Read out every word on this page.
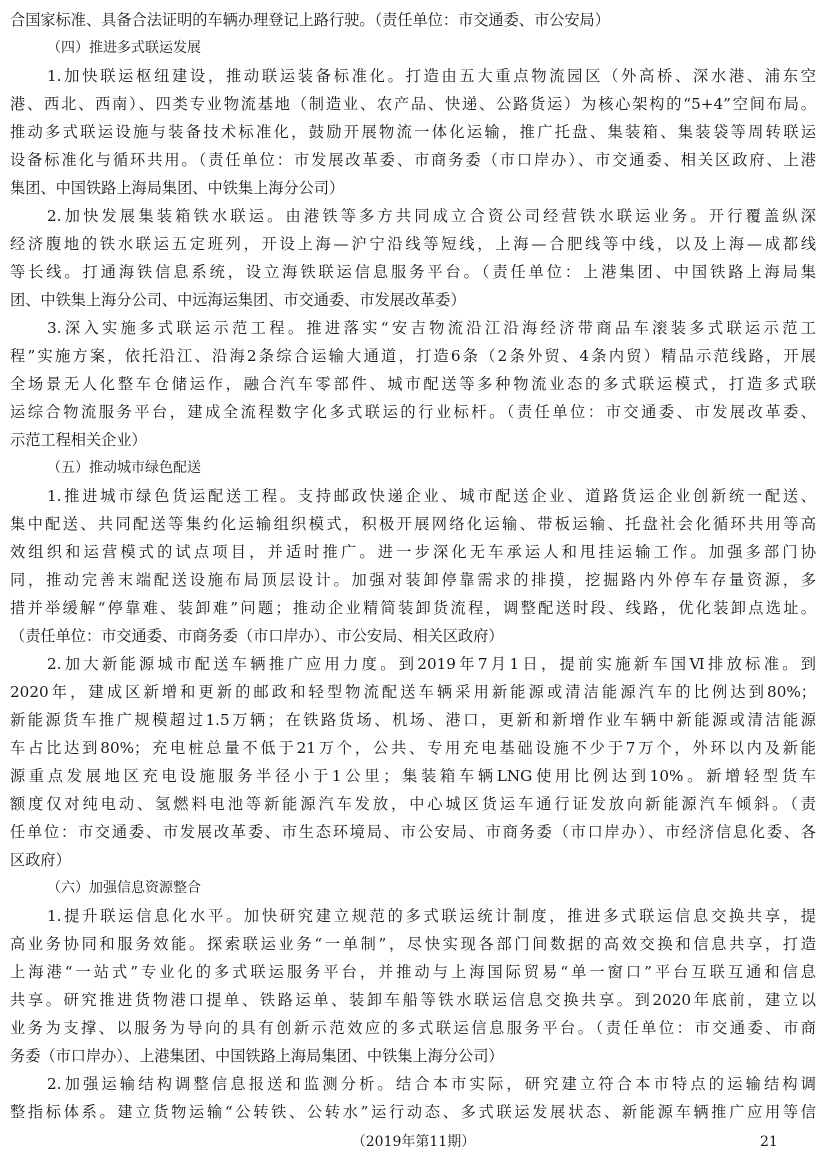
合国家标准、具备合法证明的车辆办理登记上路行驶。（责任单位：市交通委、市公安局）
（四）推进多式联运发展
1.加快联运枢纽建设，推动联运装备标准化。打造由五大重点物流园区（外高桥、深水港、浦东空
港、西北、西南）、四类专业物流基地（制造业、农产品、快递、公路货运）为核心架构的“5+4”空间布局。
推动多式联运设施与装备技术标准化，鼓励开展物流一体化运输，推广托盘、集装箱、集装袋等周转联运
设备标准化与循环共用。（责任单位：市发展改革委、市商务委（市口岸办）、市交通委、相关区政府、上港
集团、中国铁路上海局集团、中铁集上海分公司）
2.加快发展集装箱铁水联运。由港铁等多方共同成立合资公司经营铁水联运业务。开行覆盖纵深
经济腹地的铁水联运五定班列，开设上海—沪宁沿线等短线，上海—合肥线等中线，以及上海—成都线
等长线。打通海铁信息系统，设立海铁联运信息服务平台。（责任单位：上港集团、中国铁路上海局集
团、中铁集上海分公司、中远海运集团、市交通委、市发展改革委）
3.深入实施多式联运示范工程。推进落实“安吉物流沿江沿海经济带商品车滚装多式联运示范工
程”实施方案，依托沿江、沿海2条综合运输大通道，打造6条（2条外贸、4条内贸）精品示范线路，开展
全场景无人化整车仓储运作，融合汽车零部件、城市配送等多种物流业态的多式联运模式，打造多式联
运综合物流服务平台，建成全流程数字化多式联运的行业标杆。（责任单位：市交通委、市发展改革委、
示范工程相关企业）
（五）推动城市绿色配送
1.推进城市绿色货运配送工程。支持邮政快递企业、城市配送企业、道路货运企业创新统一配送、
集中配送、共同配送等集约化运输组织模式，积极开展网络化运输、带板运输、托盘社会化循环共用等高
效组织和运营模式的试点项目，并适时推广。进一步深化无车承运人和甩挂运输工作。加强多部门协
同，推动完善末端配送设施布局顶层设计。加强对装卸停靠需求的排摸，挖掘路内外停车存量资源，多
措并举缓解“停靠难、装卸难”问题；推动企业精简装卸货流程，调整配送时段、线路，优化装卸点选址。
（责任单位：市交通委、市商务委（市口岸办）、市公安局、相关区政府）
2.加大新能源城市配送车辆推广应用力度。到2019年7月1日，提前实施新车国Ⅵ排放标准。到
2020年，建成区新增和更新的邮政和轻型物流配送车辆采用新能源或清洁能源汽车的比例达到80%；
新能源货车推广规模超过1.5万辆；在铁路货场、机场、港口，更新和新增作业车辆中新能源或清洁能源
车占比达到80%；充电桩总量不低于21万个，公共、专用充电基础设施不少于7万个，外环以内及新能
源重点发展地区充电设施服务半径小于1公里；集装箱车辆LNG使用比例达到10%。新增轻型货车
额度仅对纯电动、氢燃料电池等新能源汽车发放，中心城区货运车通行证发放向新能源汽车倾斜。（责
任单位：市交通委、市发展改革委、市生态环境局、市公安局、市商务委（市口岸办）、市经济信息化委、各
区政府）
（六）加强信息资源整合
1.提升联运信息化水平。加快研究建立规范的多式联运统计制度，推进多式联运信息交换共享，提
高业务协同和服务效能。探索联运业务“一单制”，尽快实现各部门间数据的高效交换和信息共享，打造
上海港“一站式”专业化的多式联运服务平台，并推动与上海国际贸易“单一窗口”平台互联互通和信息
共享。研究推进货物港口提单、铁路运单、装卸车船等铁水联运信息交换共享。到2020年底前，建立以
业务为支撑、以服务为导向的具有创新示范效应的多式联运信息服务平台。（责任单位：市交通委、市商
务委（市口岸办）、上港集团、中国铁路上海局集团、中铁集上海分公司）
2.加强运输结构调整信息报送和监测分析。结合本市实际，研究建立符合本市特点的运输结构调
整指标体系。建立货物运输“公转铁、公转水”运行动态、多式联运发展状态、新能源车辆推广应用等信
（2019年第11期）	21
